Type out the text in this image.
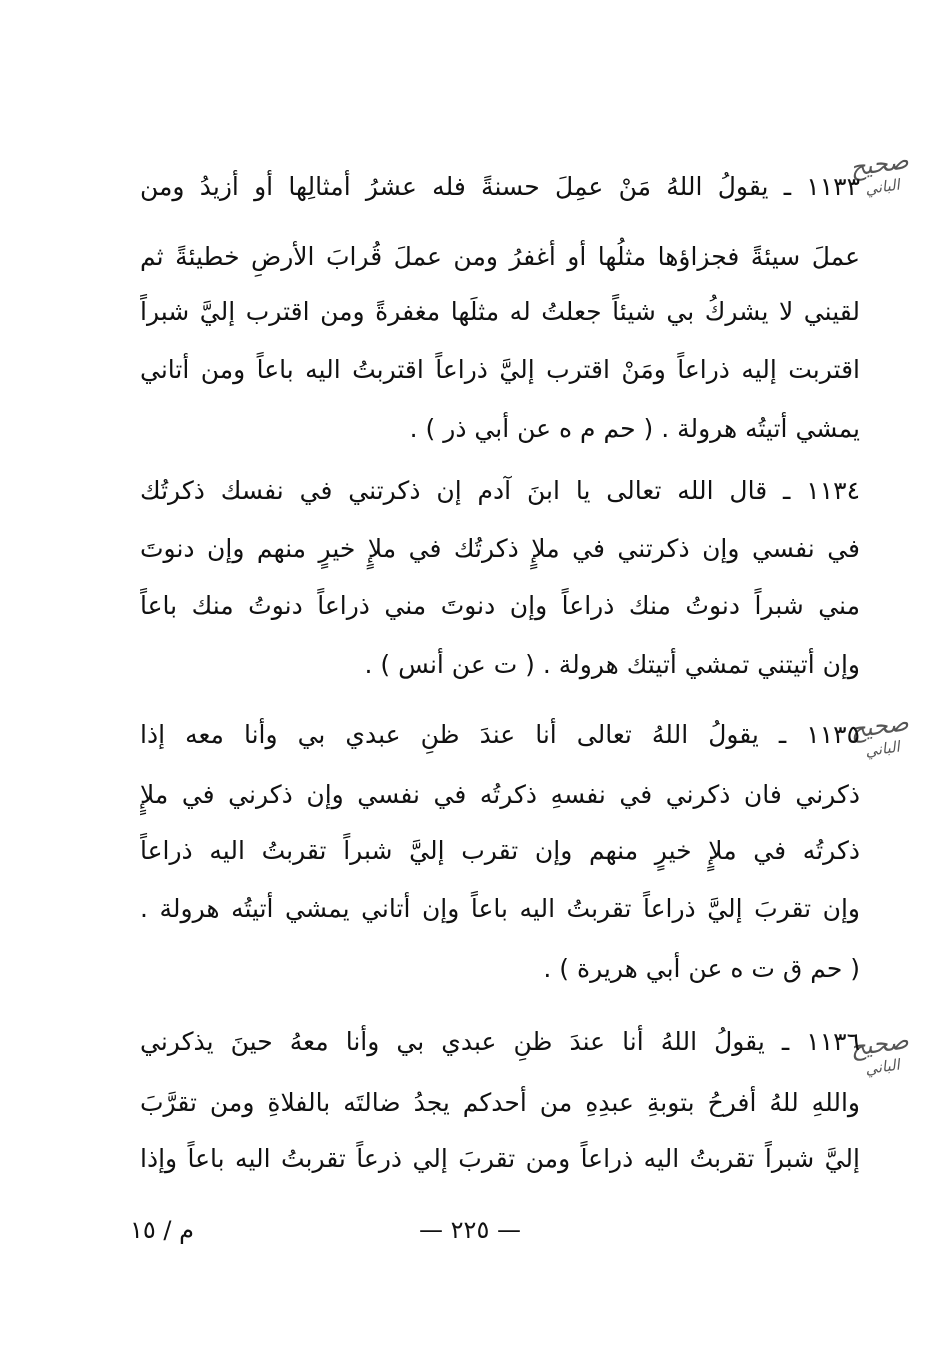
صحيح
الباني
١١٣٣ ـ يقولُ اللهُ مَنْ عمِلَ حسنةً فله عشرُ أمثالِها أو أزيدُ ومن
عملَ سيئةً فجزاؤها مثلُها أو أغفرُ ومن عملَ قُرابَ الأرضِ خطيئةً ثم
لقيني لا يشركُ بي شيئاً جعلتُ له مثلَها مغفرةً ومن اقترب إليَّ شبراً
اقتربت إليه ذراعاً ومَنْ اقترب إليَّ ذراعاً اقتربتُ اليه باعاً ومن أتاني
يمشي أتيتُه هرولة . ( حم م ه عن أبي ذر ) .
١١٣٤ ـ قال الله تعالى يا ابنَ آدم إن ذكرتني في نفسك ذكرتُك
في نفسي وإن ذكرتني في ملإٍ ذكرتُك في ملإٍ خيرٍ منهم وإن دنوتَ
مني شبراً دنوتُ منك ذراعاً وإن دنوتَ مني ذراعاً دنوتُ منك باعاً
وإن أتيتني تمشي أتيتك هرولة . ( ت عن أنس ) .
صحيح
الباني
١١٣٥ ـ يقولُ اللهُ تعالى أنا عندَ ظنِ عبدي بي وأنا معه إذا
ذكرني فان ذكرني في نفسهِ ذكرتُه في نفسي وإن ذكرني في ملإٍ
ذكرتُه في ملإٍ خيرٍ منهم وإن تقرب إليَّ شبراً تقربتُ اليه ذراعاً
وإن تقربَ إليَّ ذراعاً تقربتُ اليه باعاً وإن أتاني يمشي أتيتُه هرولة .
( حم ق ت ه عن أبي هريرة ) .
صحيح
الباني
١١٣٦ ـ يقولُ اللهُ أنا عندَ ظنِ عبدي بي وأنا معهُ حينَ يذكرني
واللهِ للهُ أفرحُ بتوبةِ عبدِهِ من أحدكم يجدُ ضالتَه بالفلاةِ ومن تقرَّبَ
إليَّ شبراً تقربتُ اليه ذراعاً ومن تقربَ إلي ذرعاً تقربتُ اليه باعاً وإذا
— ٢٢٥ —
م / ١٥
